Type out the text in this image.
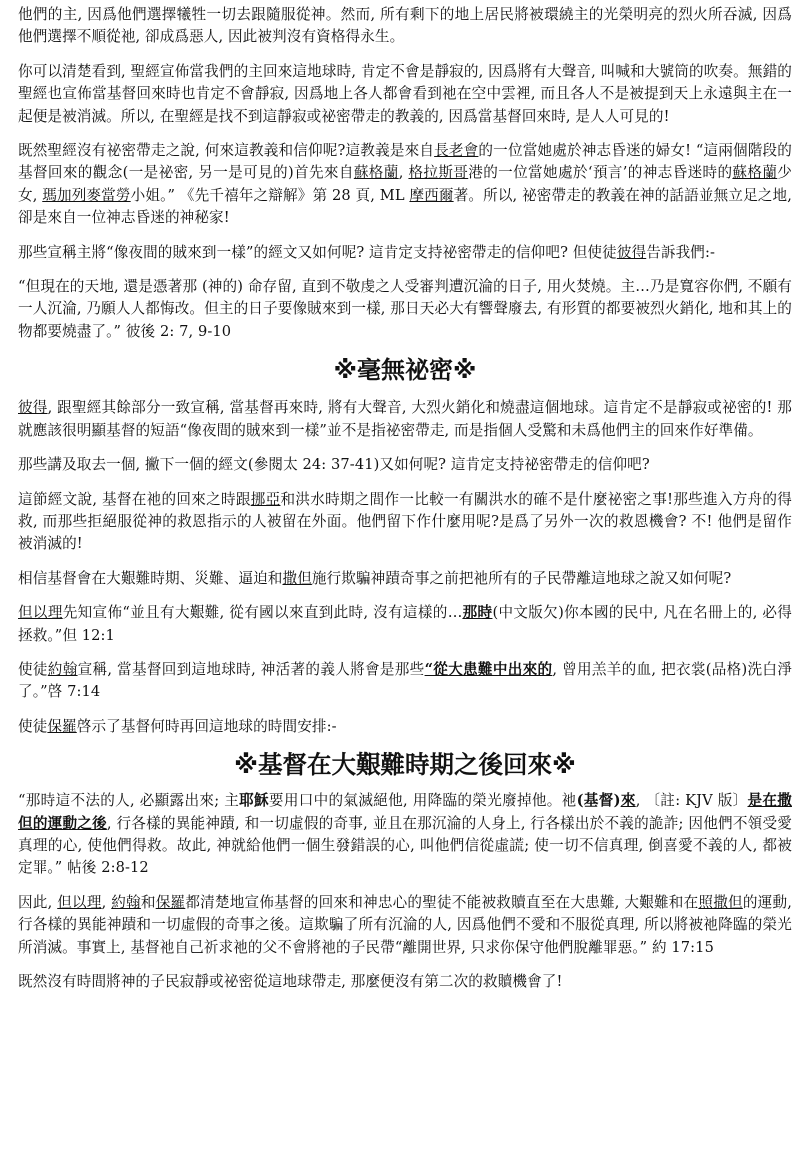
他們的主, 因爲他們選擇犧牲一切去跟隨服從神。然而, 所有剩下的地上居民將被環繞主的光榮明亮的烈火所吞滅, 因爲他們選擇不順從祂, 卻成爲惡人, 因此被判沒有資格得永生。

你可以清楚看到, 聖經宣佈當我們的主回來這地球時, 肯定不會是靜寂的, 因爲將有大聲音, 叫喊和大號筒的吹奏。無錯的聖經也宣佈當基督回來時也肯定不會靜寂, 因爲地上各人都會看到祂在空中雲裡, 而且各人不是被提到天上永遠與主在一起便是被消滅。所以, 在聖經是找不到這靜寂或祕密帶走的教義的, 因爲當基督回來時, 是人人可見的!

既然聖經沒有祕密帶走之說, 何來這教義和信仰呢?這教義是來自長老會的一位當她處於神志昏迷的婦女! “這兩個階段的基督回來的觀念(一是祕密, 另一是可見的)首先來自蘇格蘭, 格拉斯哥港的一位當她處於‘預言’的神志昏迷時的蘇格蘭少女, 瑪加列麥當勞小姐。” 《先千禧年之辯解》第 28 頁, ML 摩西爾著。所以, 祕密帶走的教義在神的話語並無立足之地, 卻是來自一位神志昏迷的神秘家!

那些宣稱主將“像夜間的賊來到一樣”的經文又如何呢? 這肯定支持祕密帶走的信仰吧? 但使徒彼得告訴我們:-

“但現在的天地, 還是憑著那 (神的) 命存留, 直到不敬虔之人受審判遭沉淪的日子, 用火焚燒。主…乃是寬容你們, 不願有一人沉淪, 乃願人人都悔改。但主的日子要像賊來到一樣, 那日天必大有響聲廢去, 有形質的都要被烈火銷化, 地和其上的物都要燒盡了。” 彼後 2: 7, 9-10

※毫無祕密※

彼得, 跟聖經其餘部分一致宣稱, 當基督再來時, 將有大聲音, 大烈火銷化和燒盡這個地球。這肯定不是靜寂或祕密的! 那就應該很明顯基督的短語“像夜間的賊來到一樣”並不是指祕密帶走, 而是指個人受驚和未爲他們主的回來作好準備。

那些講及取去一個, 撇下一個的經文(參閱太 24: 37-41)又如何呢? 這肯定支持祕密帶走的信仰吧?

這節經文說, 基督在祂的回來之時跟挪亞和洪水時期之間作一比較一有關洪水的確不是什麼祕密之事!那些進入方舟的得救, 而那些拒絕服從神的救恩指示的人被留在外面。他們留下作什麼用呢?是爲了另外一次的救恩機會? 不! 他們是留作被消滅的!

相信基督會在大艱難時期、災難、逼迫和撒但施行欺騙神蹟奇事之前把祂所有的子民帶離這地球之說又如何呢?

但以理先知宣佈“並且有大艱難, 從有國以來直到此時, 沒有這樣的…那時(中文版欠)你本國的民中, 凡在名冊上的, 必得拯救。”但 12:1

使徒約翰宣稱, 當基督回到這地球時, 神活著的義人將會是那些“從大患難中出來的, 曾用羔羊的血, 把衣裳(品格)洗白淨了。”啓 7:14

使徒保羅啓示了基督何時再回這地球的時間安排:-

※基督在大艱難時期之後回來※

“那時這不法的人, 必顯露出來; 主耶穌要用口中的氣滅絕他, 用降臨的榮光廢掉他。祂(基督)來, 〔註: KJV 版〕是在撒但的運動之後, 行各樣的異能神蹟, 和一切虛假的奇事, 並且在那沉淪的人身上, 行各樣出於不義的詭詐; 因他們不領受愛真理的心, 使他們得救。故此, 神就給他們一個生發錯誤的心, 叫他們信從虛謊; 使一切不信真理, 倒喜愛不義的人, 都被定罪。” 帖後 2:8-12

因此, 但以理, 約翰和保羅都清楚地宣佈基督的回來和神忠心的聖徒不能被救贖直至在大患難, 大艱難和在照撒但的運動, 行各樣的異能神蹟和一切虛假的奇事之後。這欺騙了所有沉淪的人, 因爲他們不愛和不服從真理, 所以將被祂降臨的榮光所消滅。事實上, 基督祂自己祈求祂的父不會將祂的子民帶“離開世界, 只求你保守他們脫離罪惡。” 約 17:15

既然沒有時間將神的子民寂靜或祕密從這地球帶走, 那麼便沒有第二次的救贖機會了!
